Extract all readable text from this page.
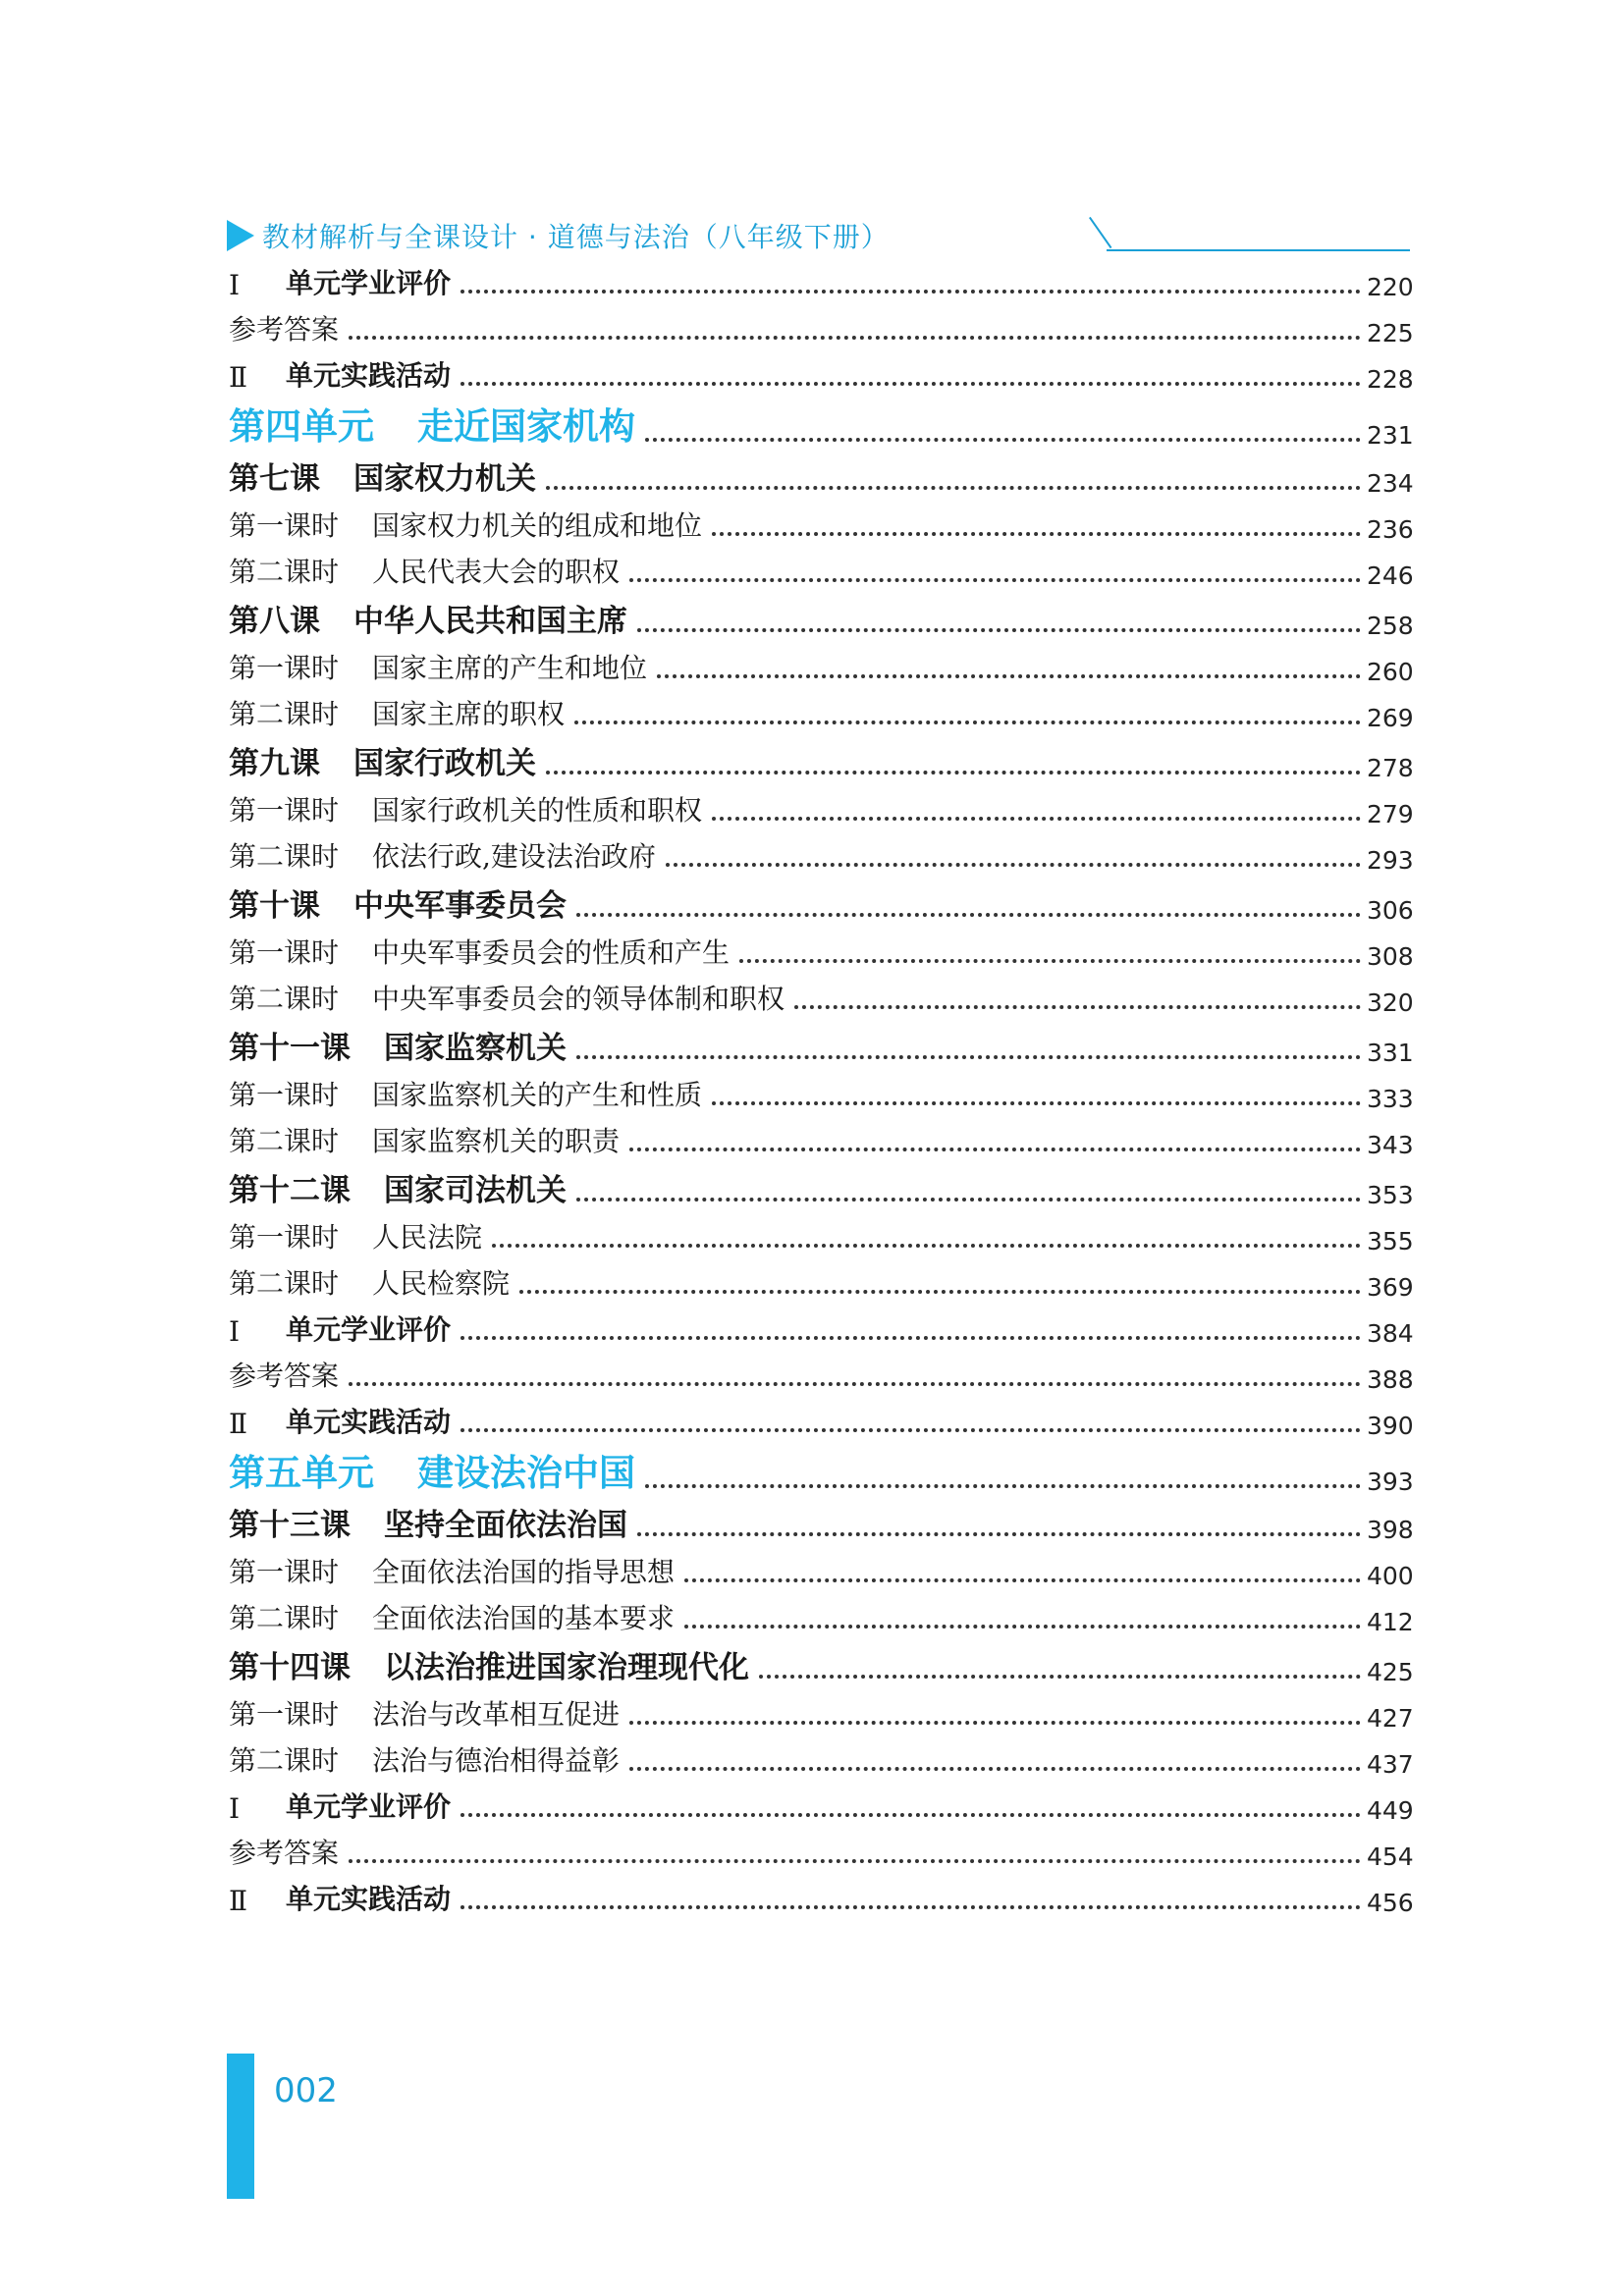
教材解析与全课设计 · 道德与法治（八年级下册）
Ⅰ	单元学业评价	220
参考答案	225
Ⅱ	单元实践活动	228
第四单元 走近国家机构	231
第七课 国家权力机关	234
第一课时	国家权力机关的组成和地位	236
第二课时	人民代表大会的职权	246
第八课 中华人民共和国主席	258
第一课时	国家主席的产生和地位	260
第二课时	国家主席的职权	269
第九课 国家行政机关	278
第一课时	国家行政机关的性质和职权	279
第二课时	依法行政,建设法治政府	293
第十课 中央军事委员会	306
第一课时	中央军事委员会的性质和产生	308
第二课时	中央军事委员会的领导体制和职权	320
第十一课 国家监察机关	331
第一课时	国家监察机关的产生和性质	333
第二课时	国家监察机关的职责	343
第十二课 国家司法机关	353
第一课时	人民法院	355
第二课时	人民检察院	369
Ⅰ	单元学业评价	384
参考答案	388
Ⅱ	单元实践活动	390
第五单元 建设法治中国	393
第十三课 坚持全面依法治国	398
第一课时	全面依法治国的指导思想	400
第二课时	全面依法治国的基本要求	412
第十四课 以法治推进国家治理现代化	425
第一课时	法治与改革相互促进	427
第二课时	法治与德治相得益彰	437
Ⅰ	单元学业评价	449
参考答案	454
Ⅱ	单元实践活动	456
002
